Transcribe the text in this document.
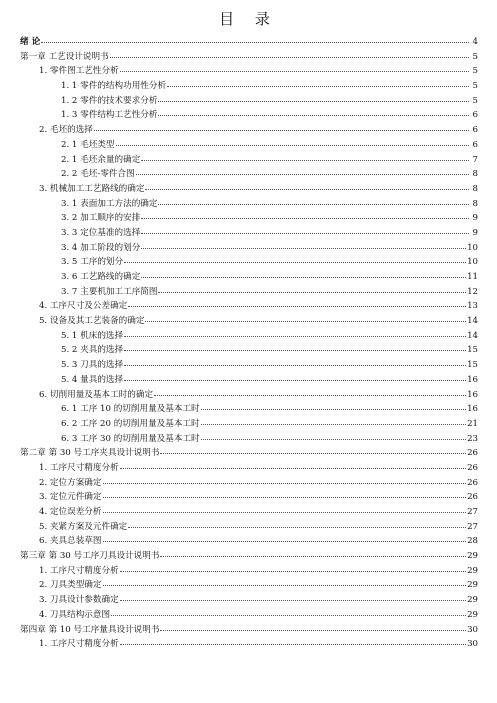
目 录
绪 论	4
第一章 工艺设计说明书	5
1. 零件图工艺性分析	5
1. 1 零件的结构功用性分析	5
1. 2 零件的技术要求分析	5
1. 3 零件结构工艺性分析	6
2. 毛坯的选择	6
2. 1 毛坯类型	6
2. 1 毛坯余量的确定	7
2. 2 毛坯-零件合图	8
3. 机械加工工艺路线的确定	8
3. 1 表面加工方法的确定	8
3. 2 加工顺序的安排	9
3. 3 定位基准的选择	9
3. 4 加工阶段的划分	10
3. 5 工序的划分	10
3. 6 工艺路线的确定	11
3. 7 主要机加工工序简图	12
4. 工序尺寸及公差确定	13
5. 设备及其工艺装备的确定	14
5. 1 机床的选择	14
5. 2 夹具的选择	15
5. 3 刀具的选择	15
5. 4 量具的选择	16
6. 切削用量及基本工时的确定	16
6. 1 工序 10 的切削用量及基本工时	16
6. 2 工序 20 的切削用量及基本工时	21
6. 3 工序 30 的切削用量及基本工时	23
第二章 第 30 号工序夹具设计说明书	26
1. 工序尺寸精度分析	26
2. 定位方案确定	26
3. 定位元件确定	26
4. 定位误差分析	27
5. 夹紧方案及元件确定	27
6. 夹具总装草图	28
第三章 第 30 号工序刀具设计说明书	29
1. 工序尺寸精度分析	29
2. 刀具类型确定	29
3. 刀具设计参数确定	29
4. 刀具结构示意图	29
第四章 第 10 号工序量具设计说明书	30
1. 工序尺寸精度分析	30
